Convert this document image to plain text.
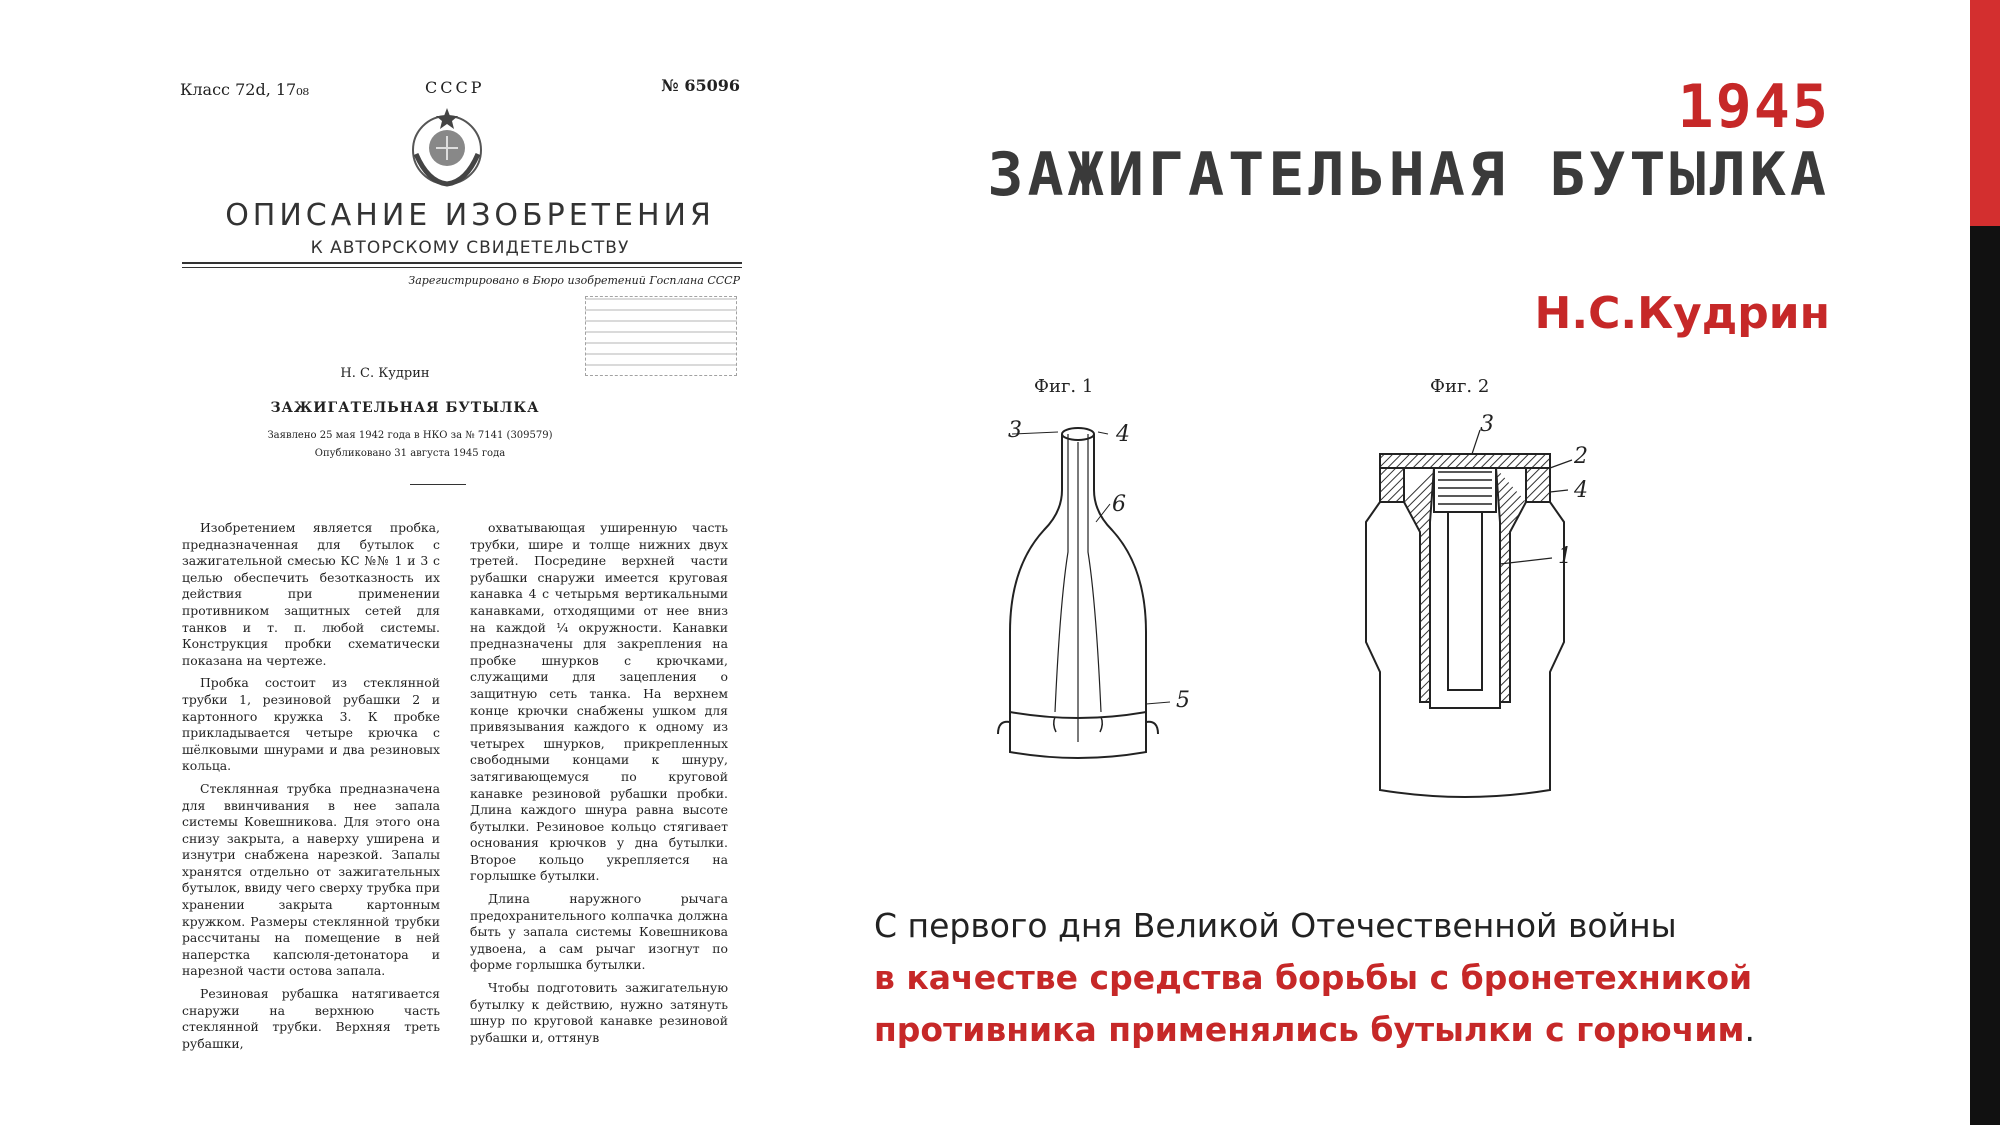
Класс 72d, 17₀₈	СССР	№ 65096
ОПИСАНИЕ ИЗОБРЕТЕНИЯ
К АВТОРСКОМУ СВИДЕТЕЛЬСТВУ
Зарегистрировано в Бюро изобретений Госплана СССР
Н. С. Кудрин
ЗАЖИГАТЕЛЬНАЯ БУТЫЛКА
Заявлено 25 мая 1942 года в НКО за № 7141 (309579)
Опубликовано 31 августа 1945 года

Изобретением является пробка, предназначенная для бутылок с зажигательной смесью КС №№ 1 и 3 с целью обеспечить безотказность их действия при применении противником защитных сетей для танков и т. п. любой системы. Конструкция пробки схематически показана на чертеже.

Пробка состоит из стеклянной трубки 1, резиновой рубашки 2 и картонного кружка 3. К пробке прикладывается четыре крючка с шёлковыми шнурами и два резиновых кольца.

Стеклянная трубка предназначена для ввинчивания в нее запала системы Ковешникова. Для этого она снизу закрыта, а наверху уширена и изнутри снабжена нарезкой. Запалы хранятся отдельно от зажигательных бутылок, ввиду чего сверху трубка при хранении закрыта картонным кружком. Размеры стеклянной трубки рассчитаны на помещение в ней наперстка капсюля-детонатора и нарезной части остова запала.

Резиновая рубашка натягивается снаружи на верхнюю часть стеклянной трубки. Верхняя треть рубашки,

охватывающая уширенную часть трубки, шире и толще нижних двух третей. Посредине верхней части рубашки снаружи имеется круговая канавка 4 с четырьмя вертикальными канавками, отходящими от нее вниз на каждой ¼ окружности. Канавки предназначены для закрепления на пробке шнурков с крючками, служащими для зацепления о защитную сеть танка. На верхнем конце крючки снабжены ушком для привязывания каждого к одному из четырех шнурков, прикрепленных свободными концами к шнуру, затягивающемуся по круговой канавке резиновой рубашки пробки. Длина каждого шнура равна высоте бутылки. Резиновое кольцо стягивает основания крючков у дна бутылки. Второе кольцо укрепляется на горлышке бутылки.

Длина наружного рычага предохранительного колпачка должна быть у запала системы Ковешникова удвоена, а сам рычаг изогнут по форме горлышка бутылки.

Чтобы подготовить зажигательную бутылку к действию, нужно затянуть шнур по круговой канавке резиновой рубашки и, оттянув

1945
ЗАЖИГАТЕЛЬНАЯ БУТЫЛКА
Н.С.Кудрин
Фиг. 1
3	4
6
5
Фиг. 2
3
2
4
1
С первого дня Великой Отечественной войны
в качестве средства борьбы с бронетехникой
противника применялись бутылки с горючим.
